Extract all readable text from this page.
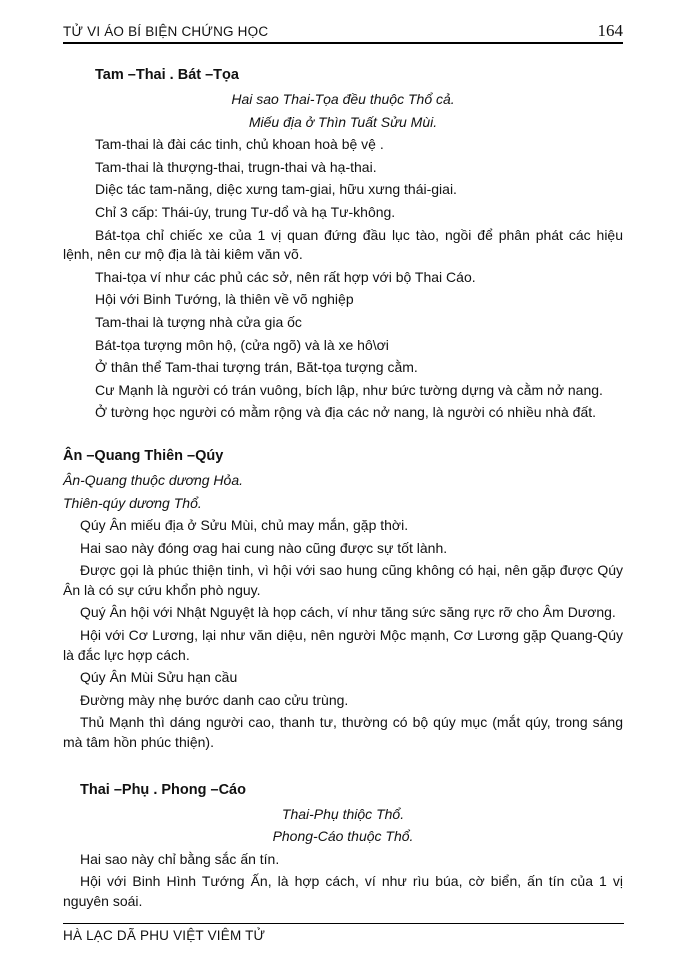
TỬ VI ÁO BÍ BIỆN CHỨNG HỌC	164
Tam –Thai . Bát –Tọa

Hai sao Thai-Tọa đều thuộc Thổ cả.

Miếu địa ở Thìn Tuất Sửu Mùi.

Tam-thai là đài các tinh, chủ khoan hoà bệ vệ .

Tam-thai là thượng-thai, trugn-thai và hạ-thai.

Diệc tác tam-năng, diệc xưng tam-giai, hữu xưng thái-giai.

Chỉ 3 cấp: Thái-úy, trung Tư-dổ và hạ Tư-không.

Bát-tọa chỉ chiếc xe của 1 vị quan đứng đầu lục tào, ngồi để phân phát các hiệu lệnh, nên cư mộ địa là tài kiêm văn võ.

Thai-tọa ví như các phủ các sở, nên rất hợp với bộ Thai Cáo.

Hội với Binh Tướng, là thiên về võ nghiệp

Tam-thai là tượng nhà cửa gia ốc

Bát-tọa tượng môn hộ, (cửa ngõ) và là xe hô\ơi

Ở thân thể Tam-thai tượng trán, Băt-tọa tượng cằm.

Cư Mạnh là người có trán vuông, bích lập, như bức tường dựng và cằm nở nang.

Ở tường học người có mằm rộng và địa các nở nang, là người có nhiều nhà đất.

Ân –Quang Thiên –Qúy

Ân-Quang thuộc dương Hỏa.

Thiên-qúy dương Thổ.

Qúy Ân miếu địa ở Sửu Mùi, chủ may mắn, gặp thời.

Hai sao này đóng ơag hai cung nào cũng được sự tốt lành.

Được gọi là phúc thiện tinh, vì hội với sao hung cũng không có hại, nên gặp được Qúy Ân là có sự cứu khổn phò nguy.

Quý Ân hội với Nhật Nguyệt là họp cách, ví như tăng sức săng rực rỡ cho Âm Dương.

Hội với Cơ Lương, lại như văn diệu, nên người Mộc mạnh, Cơ Lương gặp Quang-Qúy là đắc lực hợp cách.

Qúy Ân Mùi Sửu hạn cầu

Đường mày nhẹ bước danh cao cửu trùng.

Thủ Mạnh thì dáng người cao, thanh tư, thường có bộ qúy mục (mắt qúy, trong sáng mà tâm hồn phúc thiện).

Thai –Phụ . Phong –Cáo

Thai-Phụ thiộc Thổ.

Phong-Cáo thuộc Thổ.

Hai sao này chỉ bằng sắc ấn tín.

Hội với Binh Hình Tướng Ấn, là hợp cách, ví như rìu búa, cờ biển, ấn tín của 1 vị nguyên soái.

HÀ LẠC DÃ PHU VIỆT VIÊM TỬ
